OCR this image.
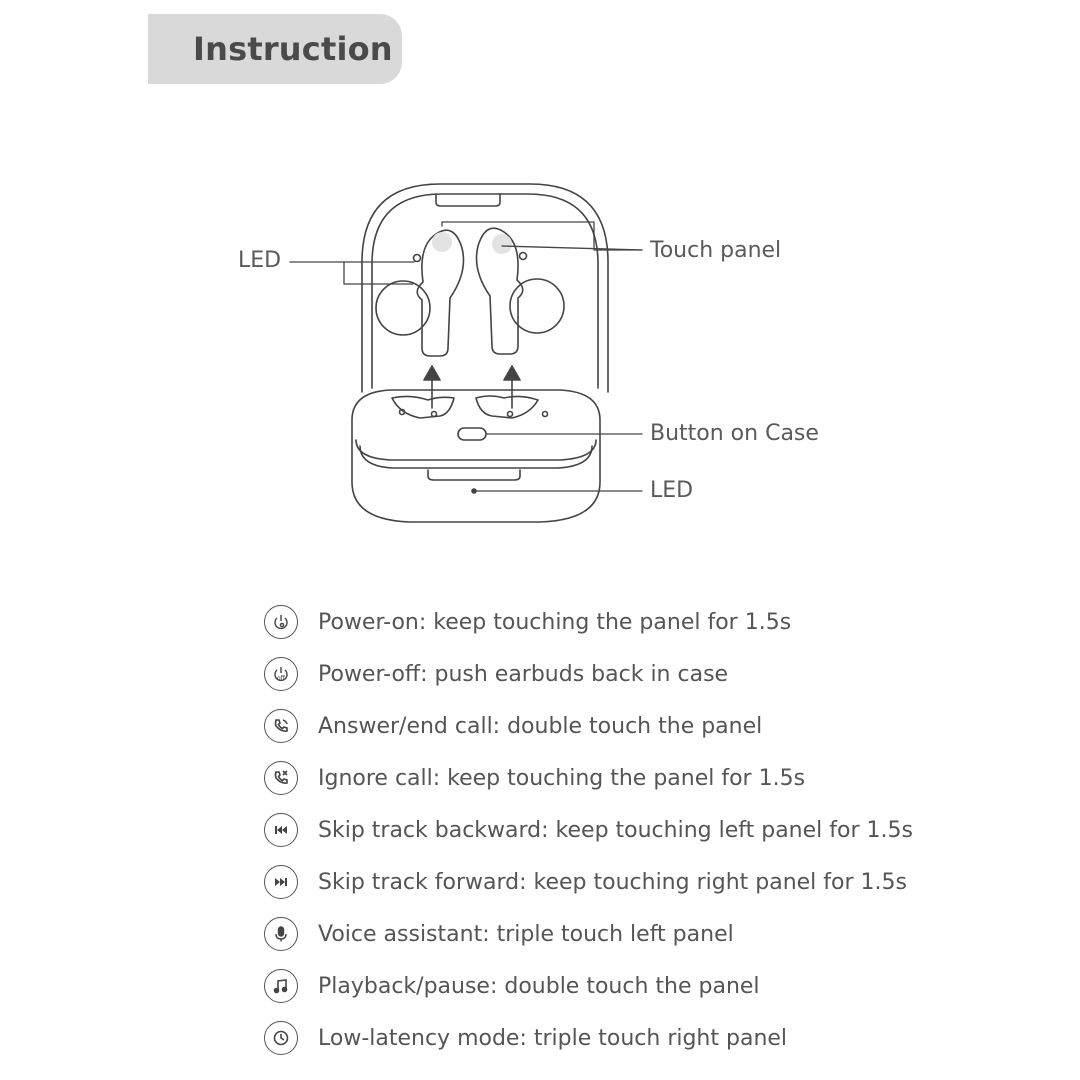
Instruction
LED	Touch panel
Button on Case
LED
Power-on: keep touching the panel for 1.5s
off Power-off: push earbuds back in case
Answer/end call: double touch the panel
Ignore call: keep touching the panel for 1.5s
Skip track backward: keep touching left panel for 1.5s
Skip track forward: keep touching right panel for 1.5s
Voice assistant: triple touch left panel
Playback/pause: double touch the panel
Low-latency mode: triple touch right panel
